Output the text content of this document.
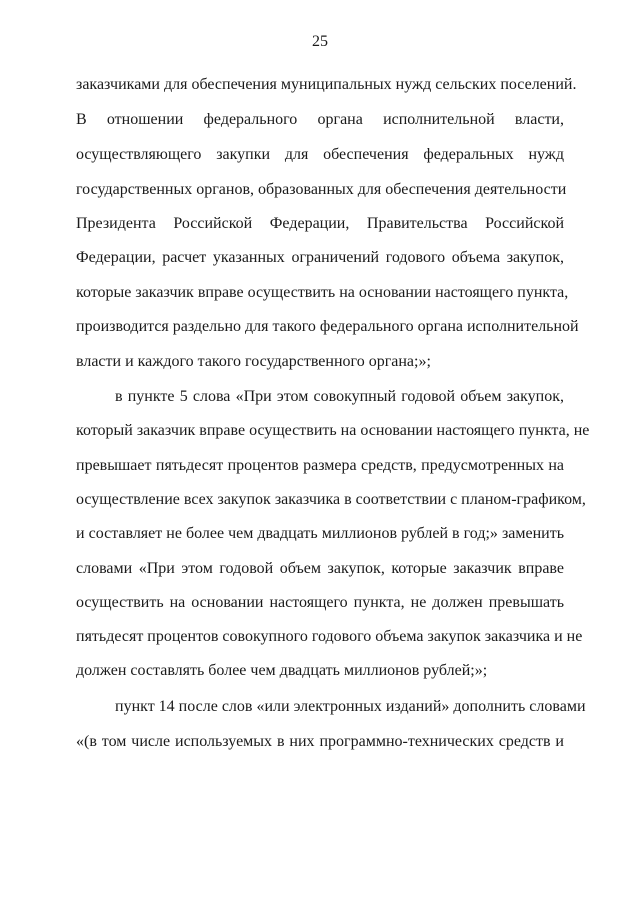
25
заказчиками для обеспечения муниципальных нужд сельских поселений.
В отношении федерального органа исполнительной власти,
осуществляющего закупки для обеспечения федеральных нужд
государственных органов, образованных для обеспечения деятельности
Президента Российской Федерации, Правительства Российской
Федерации, расчет указанных ограничений годового объема закупок,
которые заказчик вправе осуществить на основании настоящего пункта,
производится раздельно для такого федерального органа исполнительной
власти и каждого такого государственного органа;»;
в пункте 5 слова «При этом совокупный годовой объем закупок,
который заказчик вправе осуществить на основании настоящего пункта, не
превышает пятьдесят процентов размера средств, предусмотренных на
осуществление всех закупок заказчика в соответствии с планом-графиком,
и составляет не более чем двадцать миллионов рублей в год;» заменить
словами «При этом годовой объем закупок, которые заказчик вправе
осуществить на основании настоящего пункта, не должен превышать
пятьдесят процентов совокупного годового объема закупок заказчика и не
должен составлять более чем двадцать миллионов рублей;»;
пункт 14 после слов «или электронных изданий» дополнить словами
«(в том числе используемых в них программно-технических средств и
